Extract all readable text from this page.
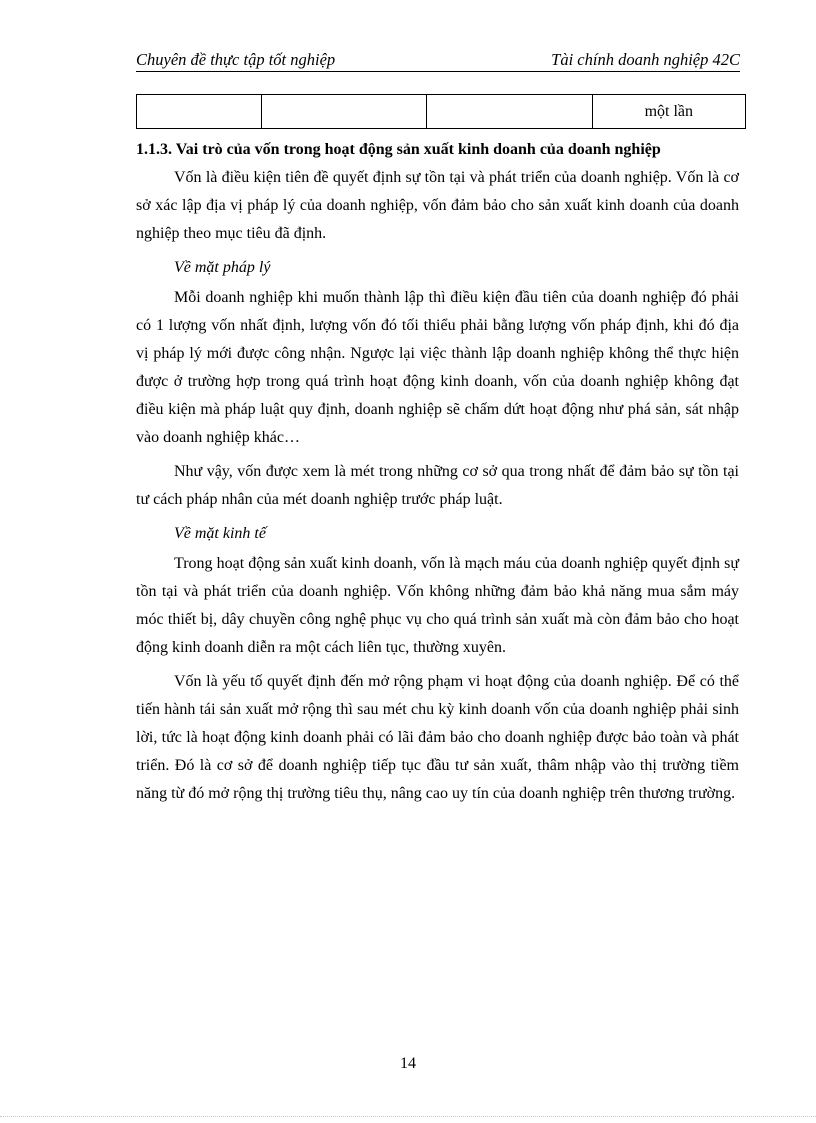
Chuyên đề thực tập tốt nghiệp	Tài chính doanh nghiệp 42C
			một lần

1.1.3. Vai trò của vốn trong hoạt động sản xuất kinh doanh của doanh nghiệp

Vốn là điều kiện tiên đề quyết định sự tồn tại và phát triển của doanh nghiệp. Vốn là cơ sở xác lập địa vị pháp lý của doanh nghiệp, vốn đảm bảo cho sản xuất kinh doanh của doanh nghiệp theo mục tiêu đã định.

Về mặt pháp lý

Mỗi doanh nghiệp khi muốn thành lập thì điều kiện đầu tiên của doanh nghiệp đó phải có 1 lượng vốn nhất định, lượng vốn đó tối thiểu phải bằng lượng vốn pháp định, khi đó địa vị pháp lý mới được công nhận. Ngược lại việc thành lập doanh nghiệp không thể thực hiện được ở trường hợp trong quá trình hoạt động kinh doanh, vốn của doanh nghiệp không đạt điều kiện mà pháp luật quy định, doanh nghiệp sẽ chấm dứt hoạt động như phá sản, sát nhập vào doanh nghiệp khác…

Như vậy, vốn được xem là mét trong những cơ sở qua trong nhất để đảm bảo sự tồn tại tư cách pháp nhân của mét doanh nghiệp trước pháp luật.

Về mặt kinh tế

Trong hoạt động sản xuất kinh doanh, vốn là mạch máu của doanh nghiệp quyết định sự tồn tại và phát triển của doanh nghiệp. Vốn không những đảm bảo khả năng mua sắm máy móc thiết bị, dây chuyền công nghệ phục vụ cho quá trình sản xuất mà còn đảm bảo cho hoạt động kinh doanh diễn ra một cách liên tục, thường xuyên.

Vốn là yếu tố quyết định đến mở rộng phạm vi hoạt động của doanh nghiệp. Để có thể tiến hành tái sản xuất mở rộng thì sau mét chu kỳ kinh doanh vốn của doanh nghiệp phải sinh lời, tức là hoạt động kinh doanh phải có lãi đảm bảo cho doanh nghiệp được bảo toàn và phát triển. Đó là cơ sở để doanh nghiệp tiếp tục đầu tư sản xuất, thâm nhập vào thị trường tiềm năng từ đó mở rộng thị trường tiêu thụ, nâng cao uy tín của doanh nghiệp trên thương trường.

14
